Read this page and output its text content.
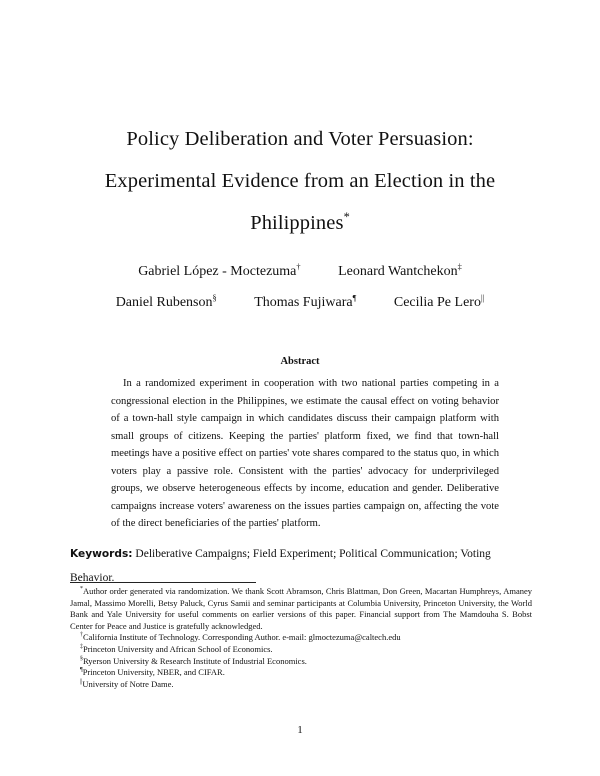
Policy Deliberation and Voter Persuasion:
Experimental Evidence from an Election in the
Philippines*
Gabriel López - Moctezuma†	Leonard Wantchekon‡
Daniel Rubenson§	Thomas Fujiwara¶	Cecilia Pe Lero||
Abstract

In a randomized experiment in cooperation with two national parties competing in a congressional election in the Philippines, we estimate the causal effect on voting behavior of a town-hall style campaign in which candidates discuss their campaign platform with small groups of citizens. Keeping the parties' platform fixed, we find that town-hall meetings have a positive effect on parties' vote shares compared to the status quo, in which voters play a passive role. Consistent with the parties' advocacy for underprivileged groups, we observe heterogeneous effects by income, education and gender. Deliberative campaigns increase voters' awareness on the issues parties campaign on, affecting the vote of the direct beneficiaries of the parties' platform.

Keywords: Deliberative Campaigns; Field Experiment; Political Communication; Voting Behavior.

*Author order generated via randomization. We thank Scott Abramson, Chris Blattman, Don Green, Macartan Humphreys, Amaney Jamal, Massimo Morelli, Betsy Paluck, Cyrus Samii and seminar participants at Columbia University, Princeton University, the World Bank and Yale University for useful comments on earlier versions of this paper. Financial support from The Mamdouha S. Bobst Center for Peace and Justice is gratefully acknowledged.

†California Institute of Technology. Corresponding Author. e-mail: glmoctezuma@caltech.edu

‡Princeton University and African School of Economics.

§Ryerson University & Research Institute of Industrial Economics.

¶Princeton University, NBER, and CIFAR.

||University of Notre Dame.

1
